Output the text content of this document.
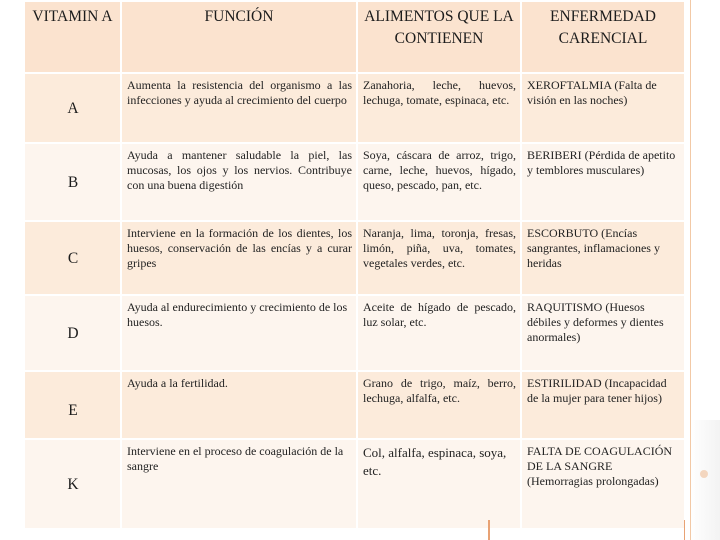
VITAMIN A	FUNCIÓN	ALIMENTOS QUE LA CONTIENEN	ENFERMEDAD CARENCIAL
A	Aumenta la resistencia del organismo a las infecciones y ayuda al crecimiento del cuerpo	Zanahoria, leche, huevos, lechuga, tomate, espinaca, etc.	XEROFTALMIA (Falta de visión en las noches)
B	Ayuda a mantener saludable la piel, las mucosas, los ojos y los nervios. Contribuye con una buena digestión	Soya, cáscara de arroz, trigo, carne, leche, huevos, hígado, queso, pescado, pan, etc.	BERIBERI (Pérdida de apetito y temblores musculares)
C	Interviene en la formación de los dientes, los huesos, conservación de las encías y a curar gripes	Naranja, lima, toronja, fresas, limón, piña, uva, tomates, vegetales verdes, etc.	ESCORBUTO (Encías sangrantes, inflamaciones y heridas
D	Ayuda al endurecimiento y crecimiento de los huesos.	Aceite de hígado de pescado, luz solar, etc.	RAQUITISMO (Huesos débiles y deformes y dientes anormales)
E	Ayuda a la fertilidad.	Grano de trigo, maíz, berro, lechuga, alfalfa, etc.	ESTIRILIDAD (Incapacidad de la mujer para tener hijos)
K	Interviene en el proceso de coagulación de la sangre	Col, alfalfa, espinaca, soya, etc.	FALTA DE COAGULACIÓN DE LA SANGRE (Hemorragias prolongadas)
